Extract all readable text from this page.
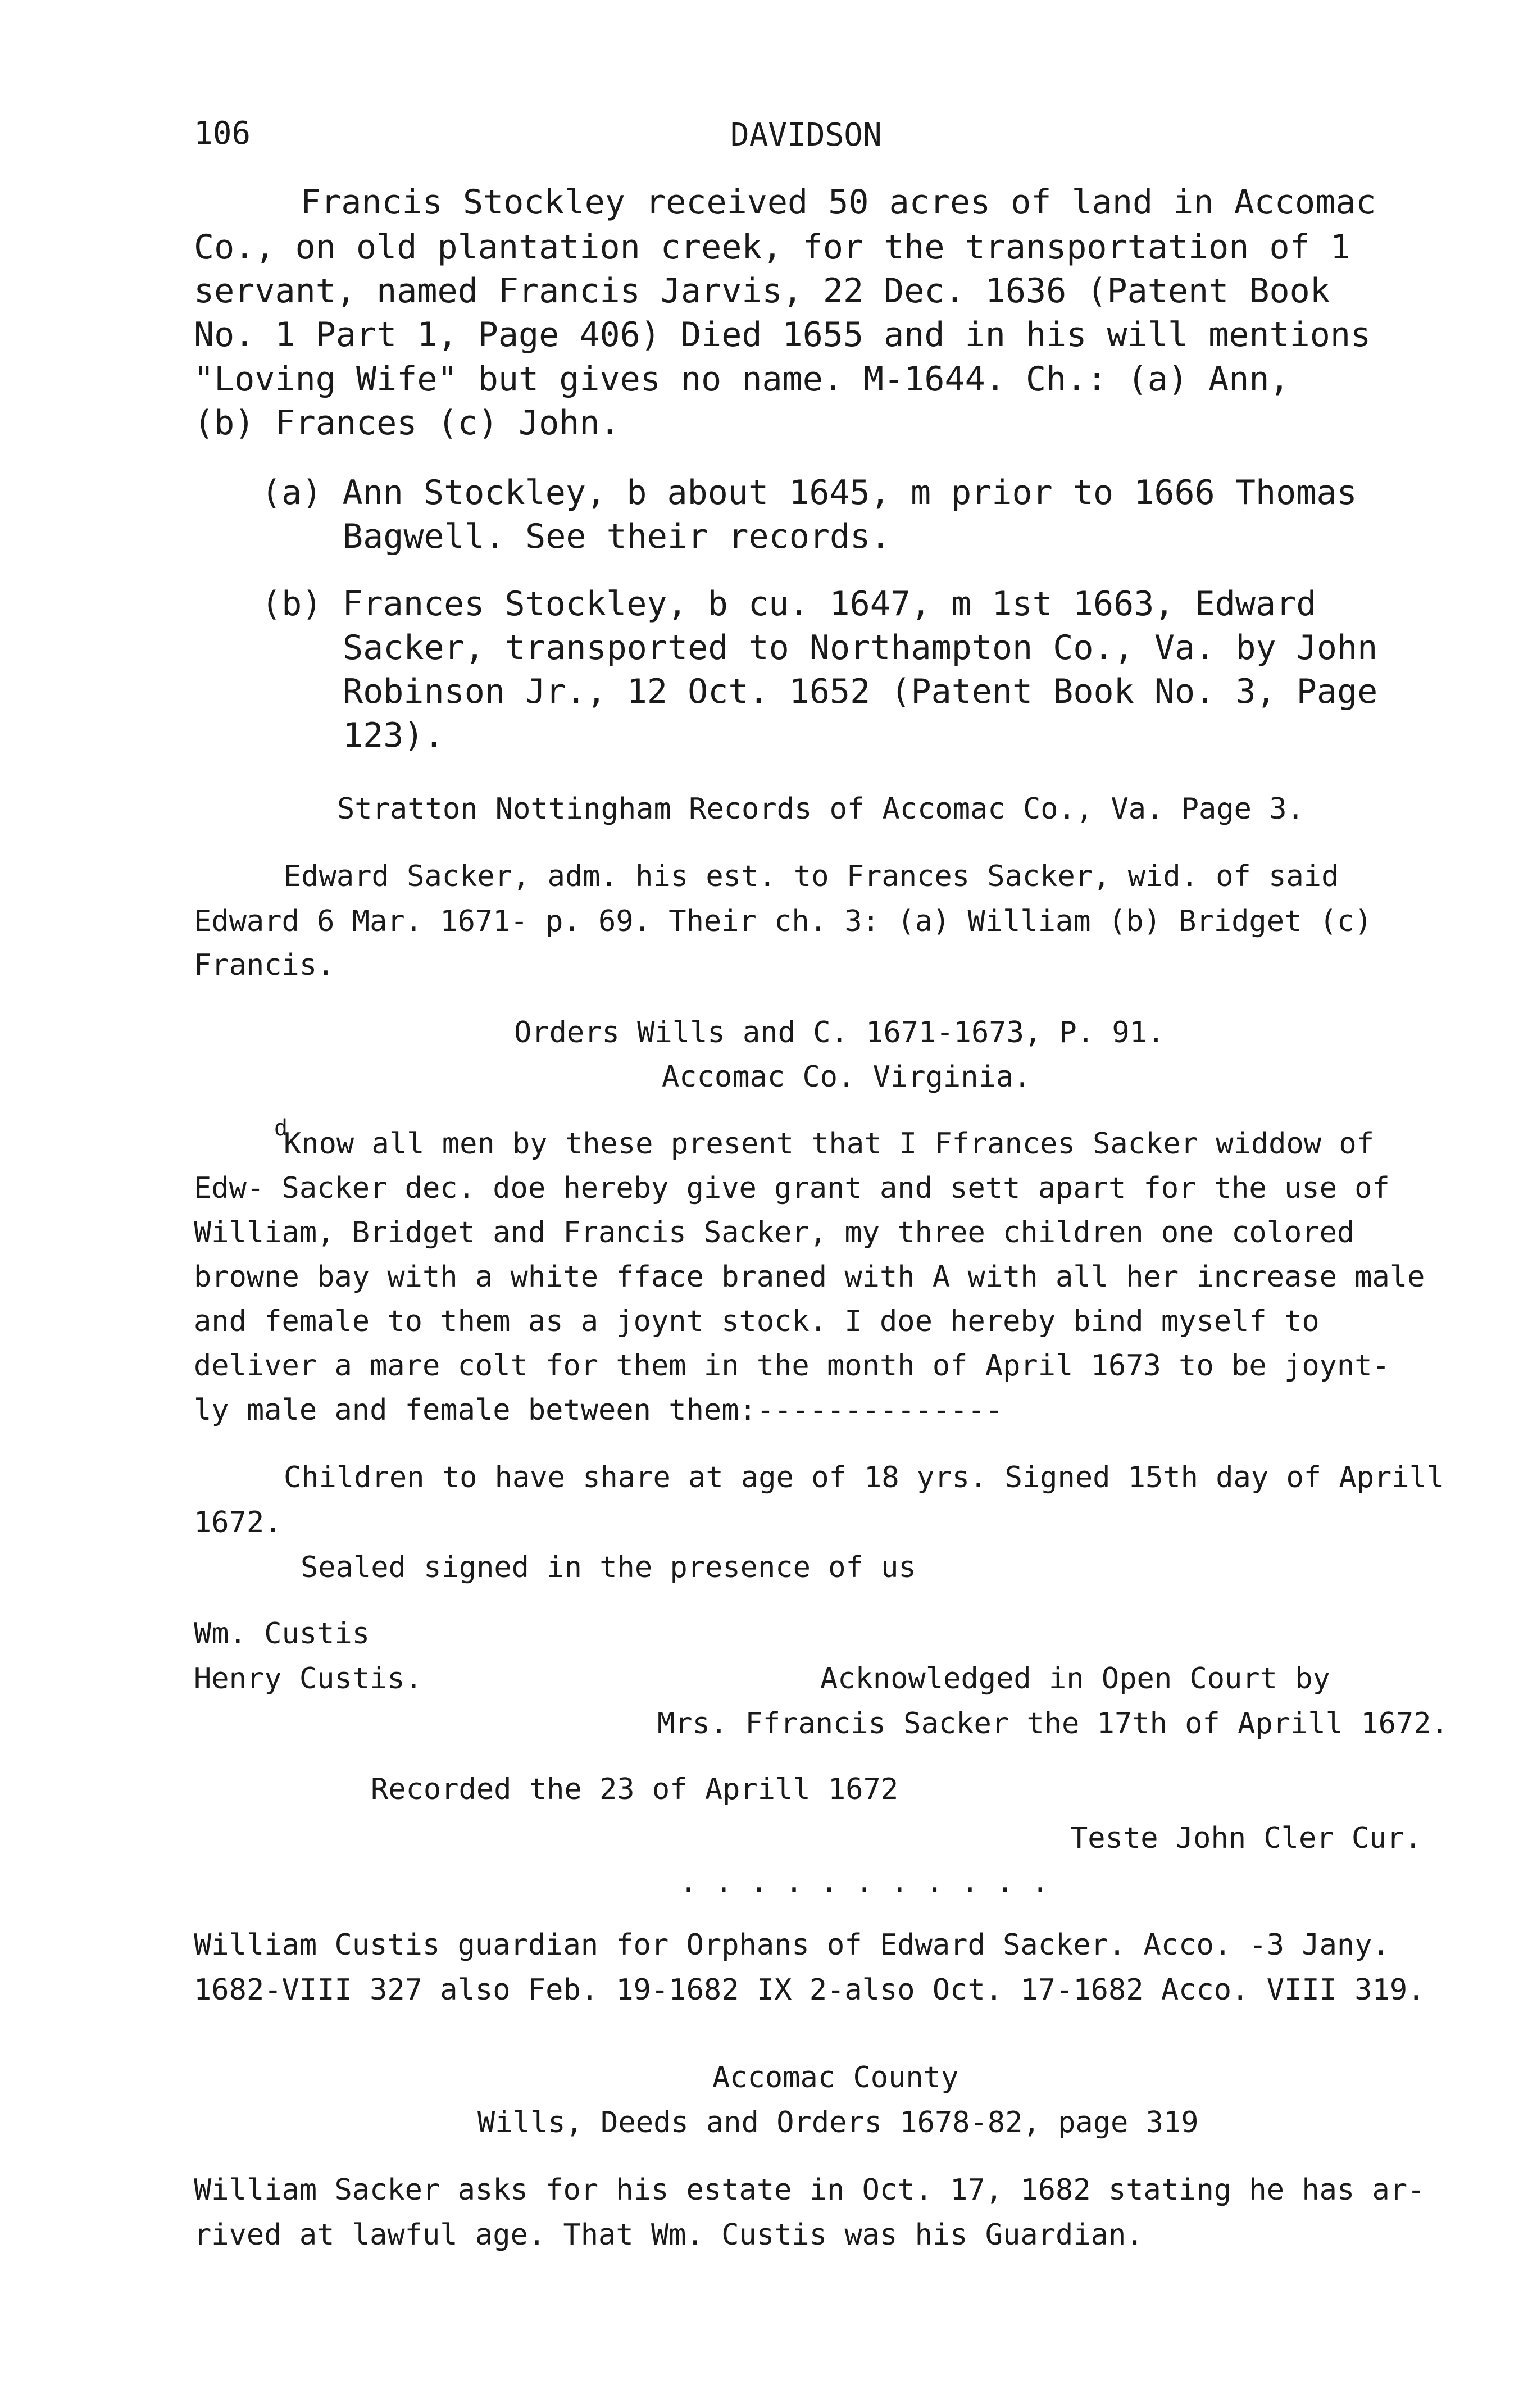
106	DAVIDSON

Francis Stockley received 50 acres of land in Accomac

Co., on old plantation creek, for the transportation of 1

servant, named Francis Jarvis, 22 Dec. 1636 (Patent Book

No. 1 Part 1, Page 406) Died 1655 and in his will mentions

"Loving Wife" but gives no name. M-1644. Ch.: (a) Ann,

(b) Frances (c) John.

(a) Ann Stockley, b about 1645, m prior to 1666 Thomas

Bagwell. See their records.

(b) Frances Stockley, b cu. 1647, m 1st 1663, Edward

Sacker, transported to Northampton Co., Va. by John

Robinson Jr., 12 Oct. 1652 (Patent Book No. 3, Page

123).

Stratton Nottingham Records of Accomac Co., Va. Page 3.

Edward Sacker, adm. his est. to Frances Sacker, wid. of said

Edward 6 Mar. 1671- p. 69. Their ch. 3: (a) William (b) Bridget (c)

Francis.

Orders Wills and C. 1671-1673, P. 91.

Accomac Co. Virginia.

d

Know all men by these present that I Ffrances Sacker widdow of

Edw- Sacker dec. doe hereby give grant and sett apart for the use of

William, Bridget and Francis Sacker, my three children one colored

browne bay with a white fface braned with A with all her increase male

and female to them as a joynt stock. I doe hereby bind myself to

deliver a mare colt for them in the month of April 1673 to be joynt-

ly male and female between them:--------------

Children to have share at age of 18 yrs. Signed 15th day of Aprill

1672.

Sealed signed in the presence of us

Wm. Custis

Henry Custis.	Acknowledged in Open Court by

Mrs. Ffrancis Sacker the 17th of Aprill 1672.

Recorded the 23 of Aprill 1672

Teste John Cler Cur.

. . . . . . . . . . .

William Custis guardian for Orphans of Edward Sacker. Acco. -3 Jany.

1682-VIII 327 also Feb. 19-1682 IX 2-also Oct. 17-1682 Acco. VIII 319.

Accomac County

Wills, Deeds and Orders 1678-82, page 319

William Sacker asks for his estate in Oct. 17, 1682 stating he has ar-

rived at lawful age. That Wm. Custis was his Guardian.
